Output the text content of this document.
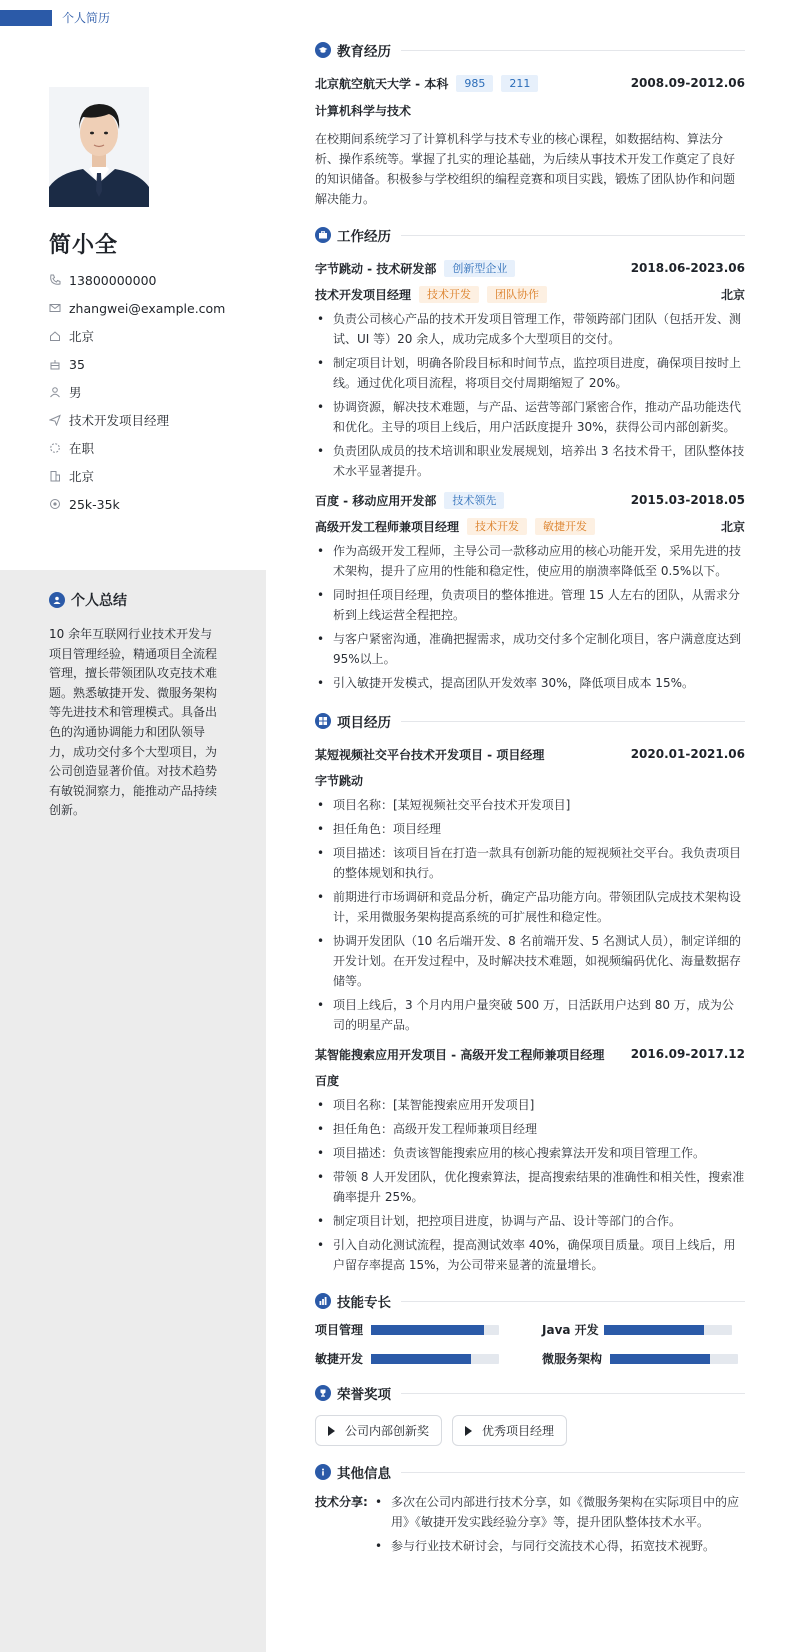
个人简历
简小全
13800000000
zhangwei@example.com
北京
35
男
技术开发项目经理
在职
北京
25k-35k
个人总结
10 余年互联网行业技术开发与项目管理经验，精通项目全流程管理，擅长带领团队攻克技术难题。熟悉敏捷开发、微服务架构等先进技术和管理模式。具备出色的沟通协调能力和团队领导力，成功交付多个大型项目，为公司创造显著价值。对技术趋势有敏锐洞察力，能推动产品持续创新。
教育经历
北京航空航天大学 - 本科	985	211	2008.09-2012.06
计算机科学与技术
在校期间系统学习了计算机科学与技术专业的核心课程，如数据结构、算法分析、操作系统等。掌握了扎实的理论基础，为后续从事技术开发工作奠定了良好的知识储备。积极参与学校组织的编程竞赛和项目实践，锻炼了团队协作和问题解决能力。
工作经历
字节跳动 - 技术研发部	创新型企业	2018.06-2023.06
技术开发项目经理	技术开发	团队协作	北京
• 负责公司核心产品的技术开发项目管理工作，带领跨部门团队（包括开发、测试、UI 等）20 余人，成功完成多个大型项目的交付。
• 制定项目计划，明确各阶段目标和时间节点，监控项目进度，确保项目按时上线。通过优化项目流程，将项目交付周期缩短了 20%。
• 协调资源，解决技术难题，与产品、运营等部门紧密合作，推动产品功能迭代和优化。主导的项目上线后，用户活跃度提升 30%，获得公司内部创新奖。
• 负责团队成员的技术培训和职业发展规划，培养出 3 名技术骨干，团队整体技术水平显著提升。
百度 - 移动应用开发部	技术领先	2015.03-2018.05
高级开发工程师兼项目经理	技术开发	敏捷开发	北京
• 作为高级开发工程师，主导公司一款移动应用的核心功能开发，采用先进的技术架构，提升了应用的性能和稳定性，使应用的崩溃率降低至 0.5%以下。
• 同时担任项目经理，负责项目的整体推进。管理 15 人左右的团队，从需求分析到上线运营全程把控。
• 与客户紧密沟通，准确把握需求，成功交付多个定制化项目，客户满意度达到 95%以上。
• 引入敏捷开发模式，提高团队开发效率 30%，降低项目成本 15%。
项目经历
某短视频社交平台技术开发项目 - 项目经理	2020.01-2021.06
字节跳动
• 项目名称：[某短视频社交平台技术开发项目]
• 担任角色：项目经理
• 项目描述：该项目旨在打造一款具有创新功能的短视频社交平台。我负责项目的整体规划和执行。
• 前期进行市场调研和竞品分析，确定产品功能方向。带领团队完成技术架构设计，采用微服务架构提高系统的可扩展性和稳定性。
• 协调开发团队（10 名后端开发、8 名前端开发、5 名测试人员），制定详细的开发计划。在开发过程中，及时解决技术难题，如视频编码优化、海量数据存储等。
• 项目上线后，3 个月内用户量突破 500 万，日活跃用户达到 80 万，成为公司的明星产品。
某智能搜索应用开发项目 - 高级开发工程师兼项目经理 2016.09-2017.12
百度
• 项目名称：[某智能搜索应用开发项目]
• 担任角色：高级开发工程师兼项目经理
• 项目描述：负责该智能搜索应用的核心搜索算法开发和项目管理工作。
• 带领 8 人开发团队，优化搜索算法，提高搜索结果的准确性和相关性，搜索准确率提升 25%。
• 制定项目计划，把控项目进度，协调与产品、设计等部门的合作。
• 引入自动化测试流程，提高测试效率 40%，确保项目质量。项目上线后，用户留存率提高 15%，为公司带来显著的流量增长。
技能专长
项目管理	Java 开发
敏捷开发	微服务架构
荣誉奖项
公司内部创新奖	优秀项目经理
其他信息
技术分享:
•	多次在公司内部进行技术分享，如《微服务架构在实际项目中的应用》《敏捷开发实践经验分享》等，提升团队整体技术水平。
• 参与行业技术研讨会，与同行交流技术心得，拓宽技术视野。
